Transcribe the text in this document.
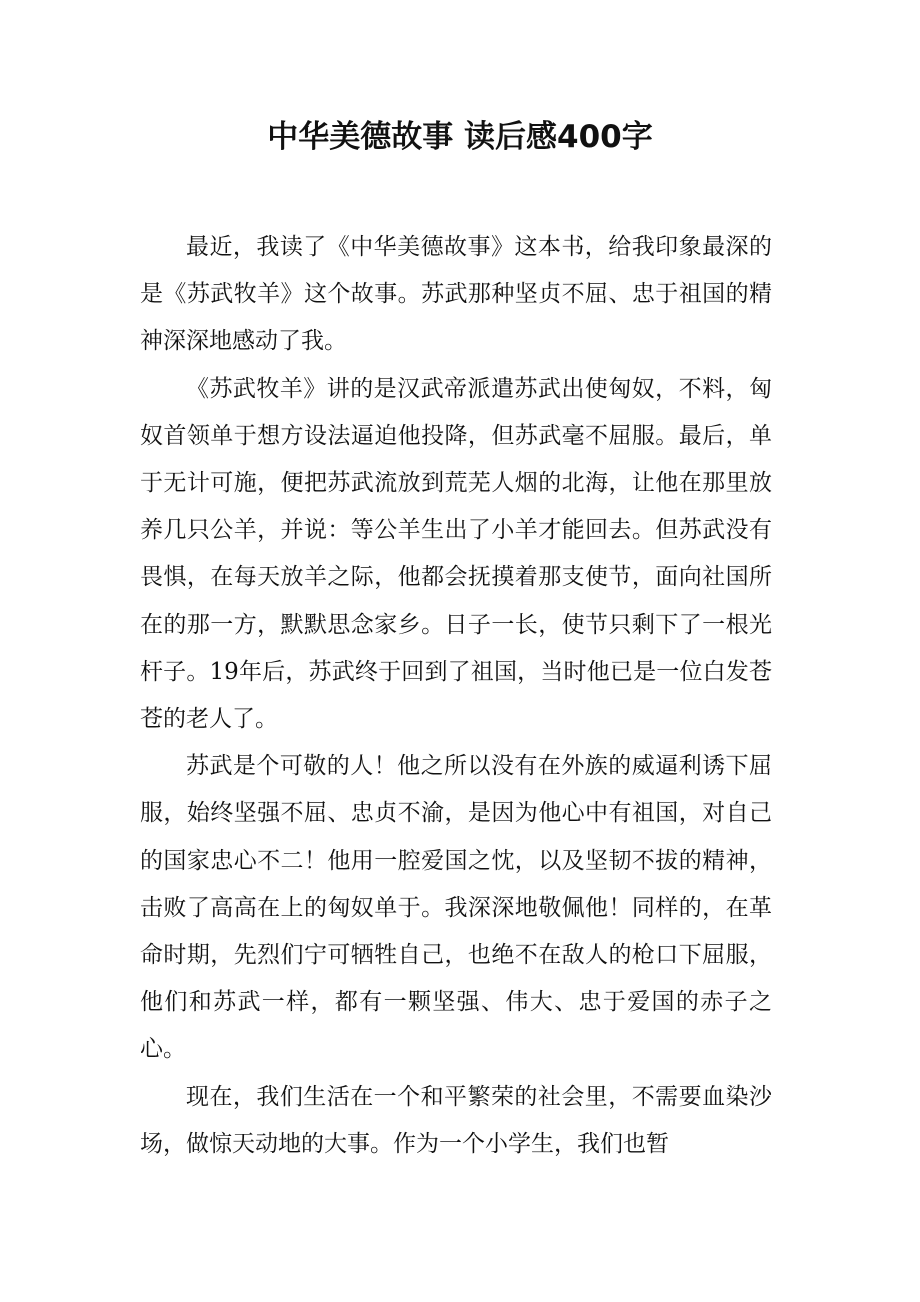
中华美德故事 读后感400字

最近，我读了《中华美德故事》这本书，给我印象最深的是《苏武牧羊》这个故事。苏武那种坚贞不屈、忠于祖国的精神深深地感动了我。

《苏武牧羊》讲的是汉武帝派遣苏武出使匈奴，不料，匈奴首领单于想方设法逼迫他投降，但苏武毫不屈服。最后，单于无计可施，便把苏武流放到荒芜人烟的北海，让他在那里放养几只公羊，并说：等公羊生出了小羊才能回去。但苏武没有畏惧，在每天放羊之际，他都会抚摸着那支使节，面向社国所在的那一方，默默思念家乡。日子一长，使节只剩下了一根光杆子。19年后，苏武终于回到了祖国，当时他已是一位白发苍苍的老人了。

苏武是个可敬的人！他之所以没有在外族的威逼利诱下屈服，始终坚强不屈、忠贞不渝，是因为他心中有祖国，对自己的国家忠心不二！他用一腔爱国之忱，以及坚韧不拔的精神，击败了高高在上的匈奴单于。我深深地敬佩他！同样的，在革命时期，先烈们宁可牺牲自己，也绝不在敌人的枪口下屈服，他们和苏武一样，都有一颗坚强、伟大、忠于爱国的赤子之心。

现在，我们生活在一个和平繁荣的社会里，不需要血染沙场，做惊天动地的大事。作为一个小学生，我们也暂
